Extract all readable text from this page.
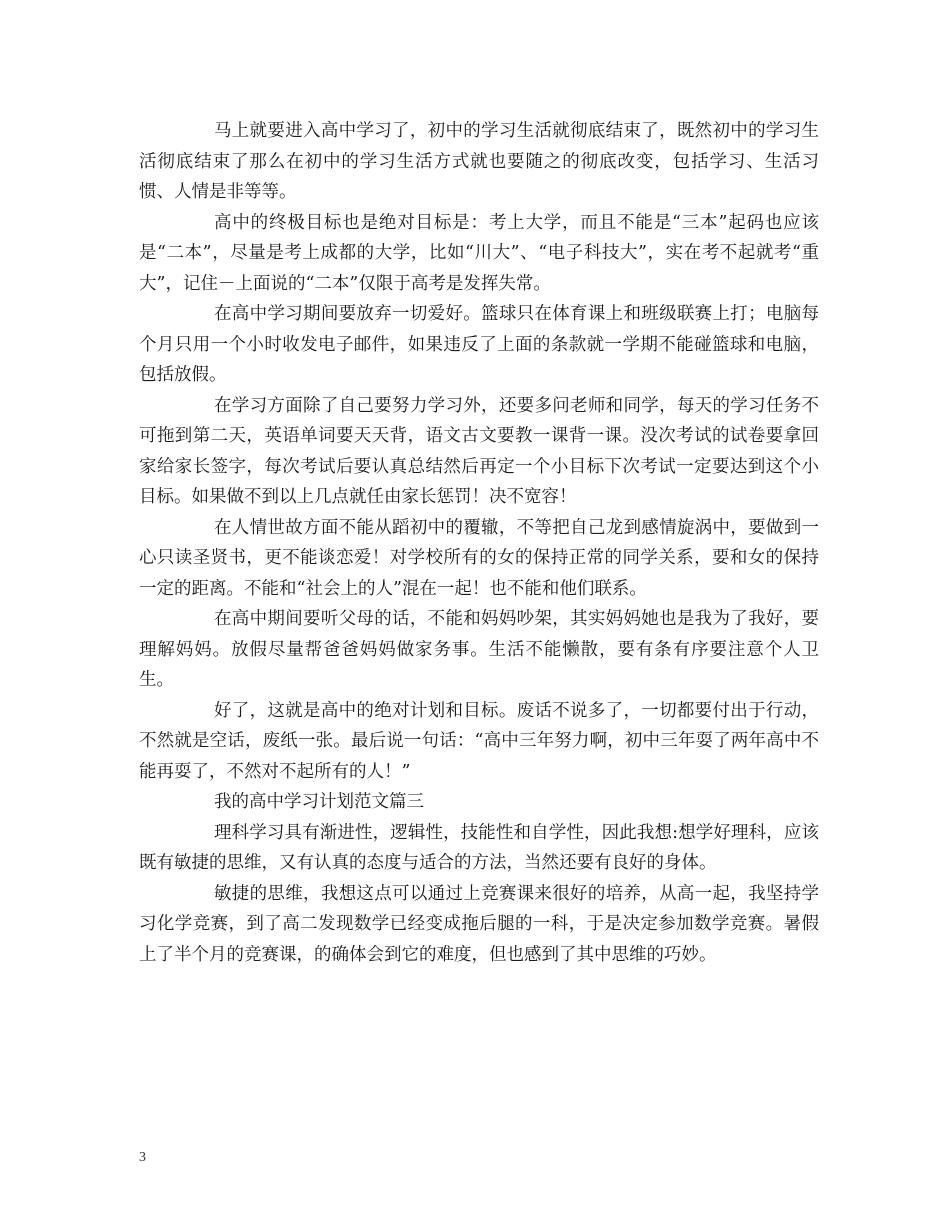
马上就要进入高中学习了，初中的学习生活就彻底结束了，既然初中的学习生活彻底结束了那么在初中的学习生活方式就也要随之的彻底改变，包括学习、生活习惯、人情是非等等。

高中的终极目标也是绝对目标是：考上大学，而且不能是“三本”起码也应该是“二本”，尽量是考上成都的大学，比如“川大”、“电子科技大”，实在考不起就考“重大”，记住－上面说的“二本”仅限于高考是发挥失常。

在高中学习期间要放弃一切爱好。篮球只在体育课上和班级联赛上打；电脑每个月只用一个小时收发电子邮件，如果违反了上面的条款就一学期不能碰篮球和电脑，包括放假。

在学习方面除了自己要努力学习外，还要多问老师和同学，每天的学习任务不可拖到第二天，英语单词要天天背，语文古文要教一课背一课。没次考试的试卷要拿回家给家长签字，每次考试后要认真总结然后再定一个小目标下次考试一定要达到这个小目标。如果做不到以上几点就任由家长惩罚！决不宽容！

在人情世故方面不能从蹈初中的覆辙，不等把自己龙到感情旋涡中，要做到一心只读圣贤书，更不能谈恋爱！对学校所有的女的保持正常的同学关系，要和女的保持一定的距离。不能和“社会上的人”混在一起！也不能和他们联系。

在高中期间要听父母的话，不能和妈妈吵架，其实妈妈她也是我为了我好，要理解妈妈。放假尽量帮爸爸妈妈做家务事。生活不能懒散，要有条有序要注意个人卫生。

好了，这就是高中的绝对计划和目标。废话不说多了，一切都要付出于行动，不然就是空话，废纸一张。最后说一句话：“高中三年努力啊，初中三年耍了两年高中不能再耍了，不然对不起所有的人！”

我的高中学习计划范文篇三

理科学习具有渐进性，逻辑性，技能性和自学性，因此我想:想学好理科，应该既有敏捷的思维，又有认真的态度与适合的方法，当然还要有良好的身体。

敏捷的思维，我想这点可以通过上竞赛课来很好的培养，从高一起，我坚持学习化学竞赛，到了高二发现数学已经变成拖后腿的一科，于是决定参加数学竞赛。暑假上了半个月的竞赛课，的确体会到它的难度，但也感到了其中思维的巧妙。

3
